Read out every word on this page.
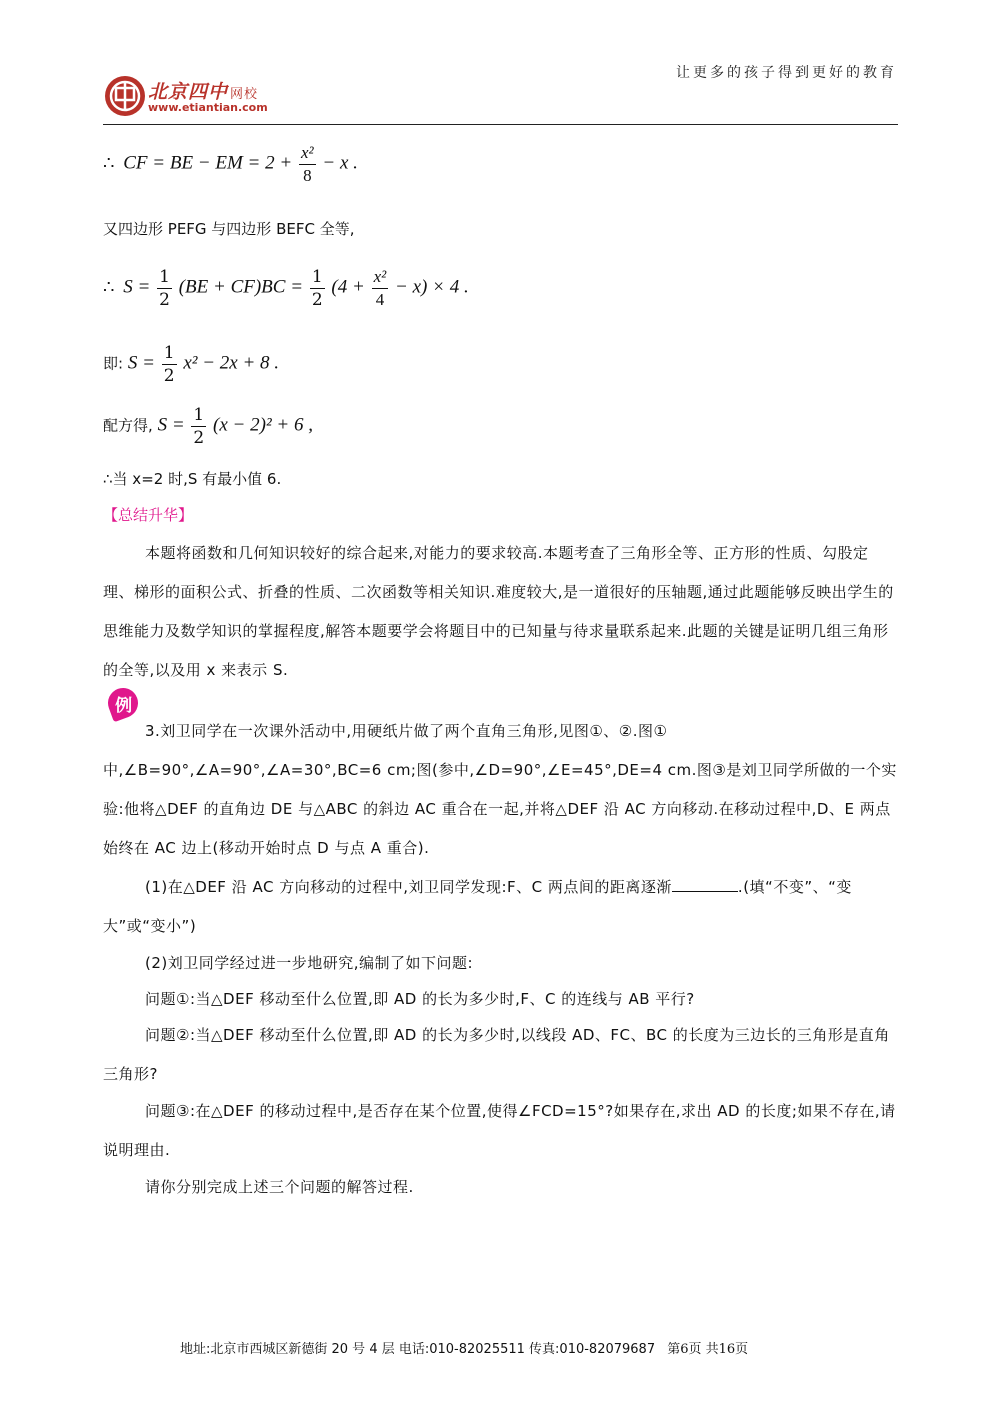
北京四中 网校
www.etiantian.com
让更多的孩子得到更好的教育
∴ CF = BE − EM = $2 + \frac{\text{x²}}{8} - x$ .
又四边形 PEFG 与四边形 BEFC 全等,
∴ $S = \frac{1}{2} (BE + CF)BC = \frac{1}{2} (4 + \frac{\text{x²}}{4} - x) \times 4$ .
即: $S = \frac{1}{2} x^2 - 2x + 8$ .
配方得, $S = \frac{1}{2} (x - 2)^2 + 6$ ,
∴当 x=2 时,S 有最小值 6.
【总结升华】
本题将函数和几何知识较好的综合起来,对能力的要求较高.本题考查了三角形全等、正方形的性质、勾股定理、梯形的面积公式、折叠的性质、二次函数等相关知识.难度较大,是一道很好的压轴题,通过此题能够反映出学生的思维能力及数学知识的掌握程度,解答本题要学会将题目中的已知量与待求量联系起来.此题的关键是证明几组三角形的全等,以及用 x 来表示 S.
例
3.刘卫同学在一次课外活动中,用硬纸片做了两个直角三角形,见图①、②.图①中,∠B=90°,∠A=90°,∠A=30°,BC=6 cm;图(参中,∠D=90°,∠E=45°,DE=4 cm.图③是刘卫同学所做的一个实验:他将△DEF 的直角边 DE 与△ABC 的斜边 AC 重合在一起,并将△DEF 沿 AC 方向移动.在移动过程中,D、E 两点始终在 AC 边上(移动开始时点 D 与点 A 重合).
(1)在△DEF 沿 AC 方向移动的过程中,刘卫同学发现:F、C 两点间的距离逐渐	.(填“不变”、“变大”或“变小”)
(2)刘卫同学经过进一步地研究,编制了如下问题:
问题①:当△DEF 移动至什么位置,即 AD 的长为多少时,F、C 的连线与 AB 平行?
问题②:当△DEF 移动至什么位置,即 AD 的长为多少时,以线段 AD、FC、BC 的长度为三边长的三角形是直角三角形?
问题③:在△DEF 的移动过程中,是否存在某个位置,使得∠FCD=15°?如果存在,求出 AD 的长度;如果不存在,请说明理由.
请你分别完成上述三个问题的解答过程.
地址:北京市西城区新德街 20 号 4 层 电话:010-82025511 传真:010-82079687 第6页 共16页
